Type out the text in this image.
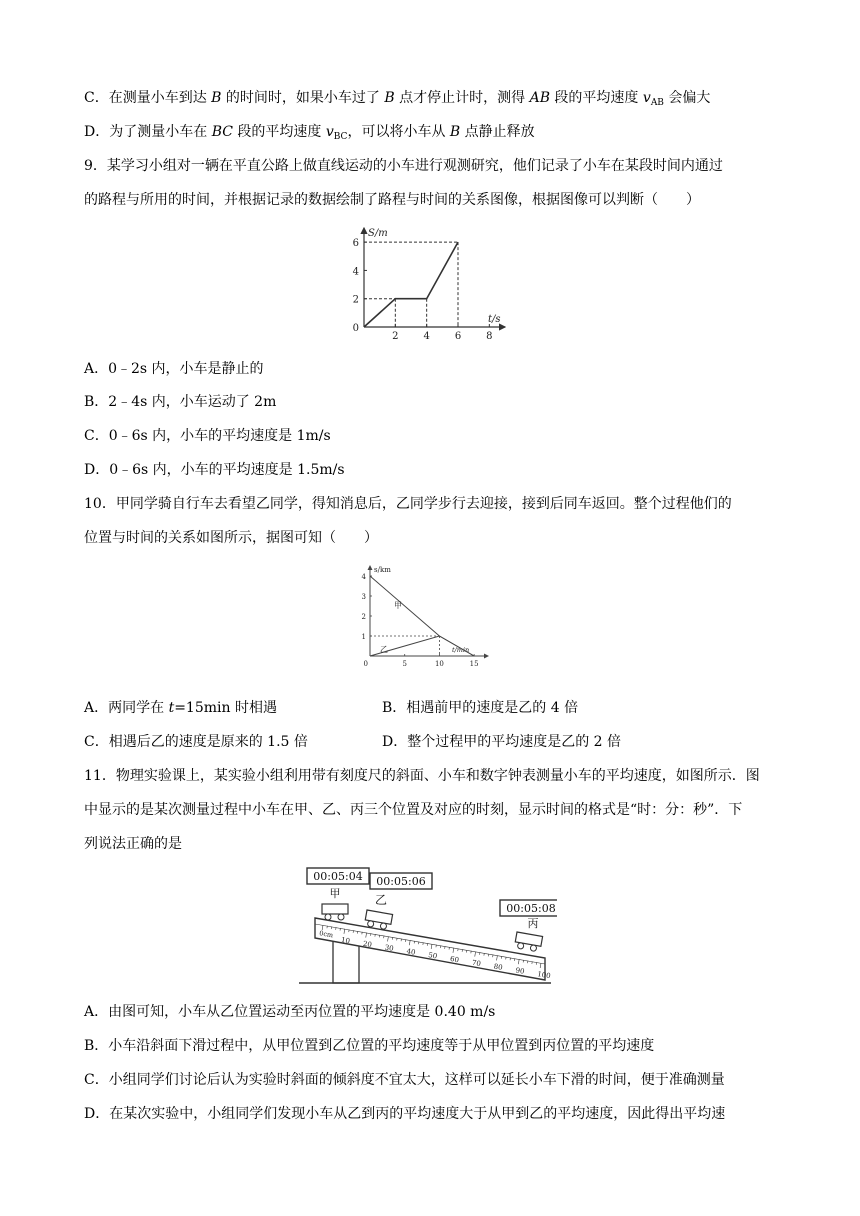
C．在测量小车到达 B 的时间时，如果小车过了 B 点才停止计时，测得 AB 段的平均速度 $v_{AB}$ 会偏大
D．为了测量小车在 BC 段的平均速度 $v_{BC}$，可以将小车从 B 点静止释放
9．某学习小组对一辆在平直公路上做直线运动的小车进行观测研究，他们记录了小车在某段时间内通过
的路程与所用的时间，并根据记录的数据绘制了路程与时间的关系图像，根据图像可以判断（　　）
S/m
t/s
2 4 6 8
0
2
4
6
A．0﹣2s 内，小车是静止的
B．2﹣4s 内，小车运动了 2m
C．0﹣6s 内，小车的平均速度是 1m/s
D．0﹣6s 内，小车的平均速度是 1.5m/s
10．甲同学骑自行车去看望乙同学，得知消息后，乙同学步行去迎接，接到后同车返回。整个过程他们的
位置与时间的关系如图所示，据图可知（　　）
s/km
t/min
5	10	15
0
1
2
3
4
甲
乙
A．两同学在 t=15min 时相遇	B．相遇前甲的速度是乙的 4 倍
C．相遇后乙的速度是原来的 1.5 倍	D．整个过程甲的平均速度是乙的 2 倍
11．物理实验课上，某实验小组利用带有刻度尺的斜面、小车和数字钟表测量小车的平均速度，如图所示．图
中显示的是某次测量过程中小车在甲、乙、丙三个位置及对应的时刻，显示时间的格式是“时：分：秒”．下
列说法正确的是
0cm
10 20 30 40 50 60 70 80 90 100
00:05:04
甲
00:05:06
乙
00:05:08
丙
A．由图可知，小车从乙位置运动至丙位置的平均速度是 0.40 m/s
B．小车沿斜面下滑过程中，从甲位置到乙位置的平均速度等于从甲位置到丙位置的平均速度
C．小组同学们讨论后认为实验时斜面的倾斜度不宜太大，这样可以延长小车下滑的时间，便于准确测量
D．在某次实验中，小组同学们发现小车从乙到丙的平均速度大于从甲到乙的平均速度，因此得出平均速
